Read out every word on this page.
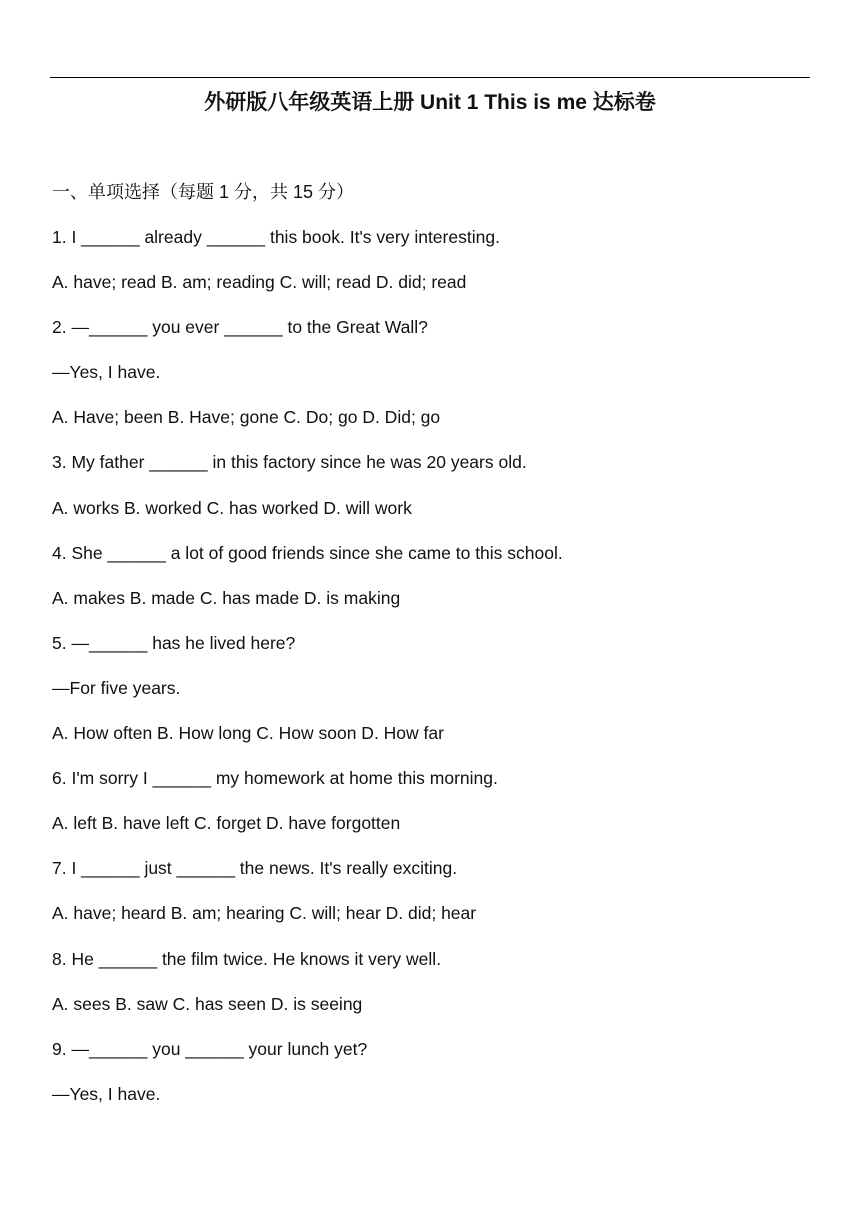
外研版八年级英语上册 Unit 1 This is me 达标卷
一、单项选择（每题 1 分，共 15 分）
1. I ______ already ______ this book. It's very interesting.
A. have; read B. am; reading C. will; read D. did; read
2. —______ you ever ______ to the Great Wall?
—Yes, I have.
A. Have; been B. Have; gone C. Do; go D. Did; go
3. My father ______ in this factory since he was 20 years old.
A. works B. worked C. has worked D. will work
4. She ______ a lot of good friends since she came to this school.
A. makes B. made C. has made D. is making
5. —______ has he lived here?
—For five years.
A. How often B. How long C. How soon D. How far
6. I'm sorry I ______ my homework at home this morning.
A. left B. have left C. forget D. have forgotten
7. I ______ just ______ the news. It's really exciting.
A. have; heard B. am; hearing C. will; hear D. did; hear
8. He ______ the film twice. He knows it very well.
A. sees B. saw C. has seen D. is seeing
9. —______ you ______ your lunch yet?
—Yes, I have.
